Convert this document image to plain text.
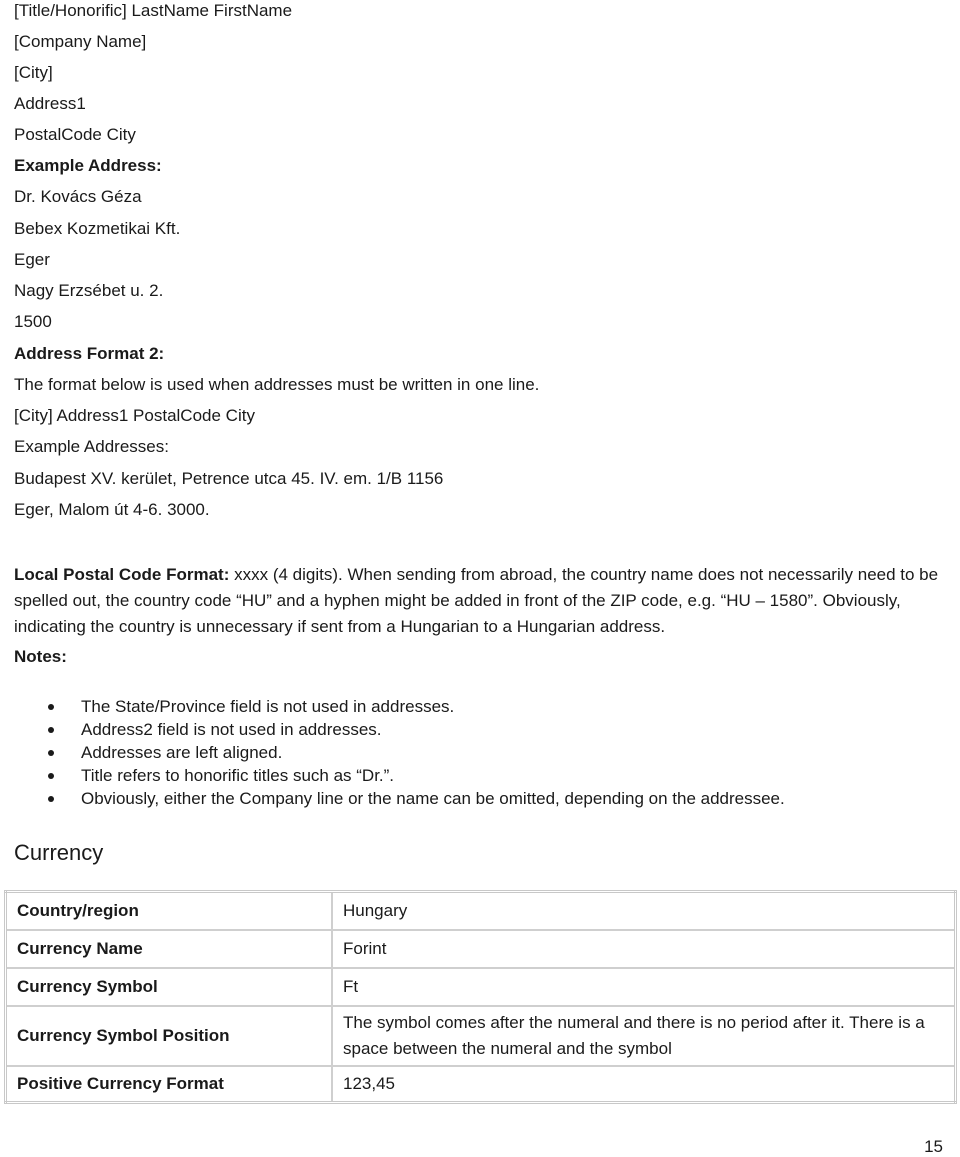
[Title/Honorific] LastName FirstName
[Company Name]
[City]
Address1
PostalCode City
Example Address:
Dr. Kovács Géza
Bebex Kozmetikai Kft.
Eger
Nagy Erzsébet u. 2.
1500
Address Format 2:
The format below is used when addresses must be written in one line.
[City] Address1 PostalCode City
Example Addresses:
Budapest XV. kerület, Petrence utca 45. IV. em. 1/B 1156
Eger, Malom út 4-6. 3000.
Local Postal Code Format: xxxx (4 digits). When sending from abroad, the country name does not necessarily need to be spelled out, the country code “HU” and a hyphen might be added in front of the ZIP code, e.g. “HU – 1580”. Obviously, indicating the country is unnecessary if sent from a Hungarian to a Hungarian address.
Notes:
The State/Province field is not used in addresses.
Address2 field is not used in addresses.
Addresses are left aligned.
Title refers to honorific titles such as “Dr.”.
Obviously, either the Company line or the name can be omitted, depending on the addressee.
Currency
Country/region	Hungary
Currency Name	Forint
Currency Symbol	Ft
Currency Symbol Position	The symbol comes after the numeral and there is no period after it. There is a space between the numeral and the symbol
Positive Currency Format	123,45
15
